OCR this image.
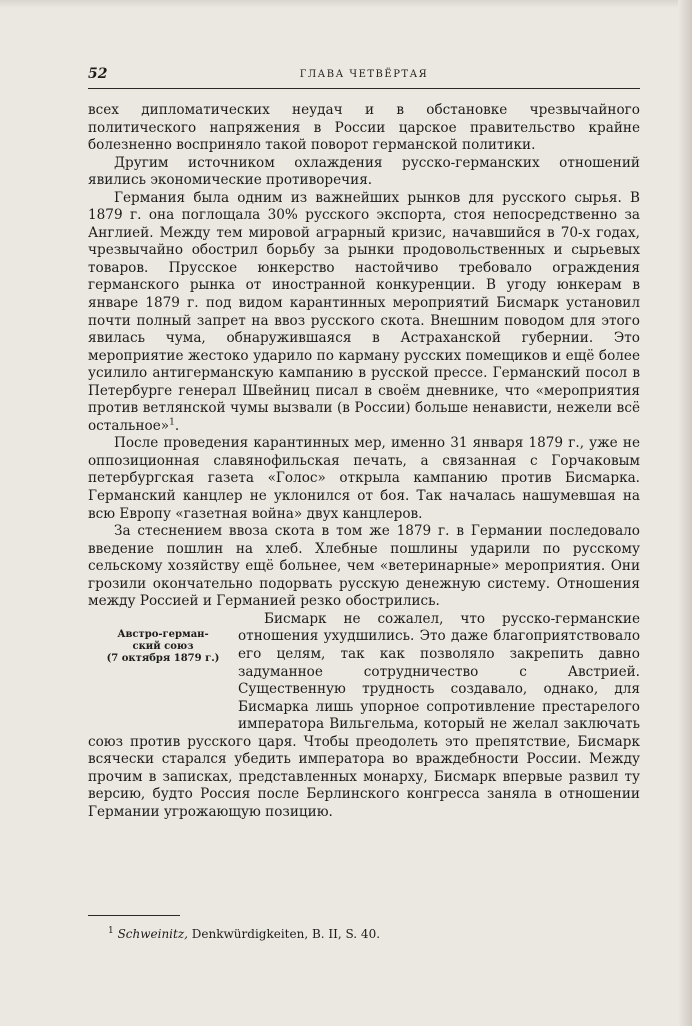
52	ГЛАВА ЧЕТВЁРТАЯ

всех дипломатических неудач и в обстановке чрезвычайного политического напряжения в России царское правительство крайне болезненно восприняло такой поворот германской политики.

Другим источником охлаждения русско-германских отношений явились экономические противоречия.

Германия была одним из важнейших рынков для русского сырья. В 1879 г. она поглощала 30% русского экспорта, стоя непосредственно за Англией. Между тем мировой аграрный кризис, начавшийся в 70-х годах, чрезвычайно обострил борьбу за рынки продовольственных и сырьевых товаров. Прусское юнкерство настойчиво требовало ограждения германского рынка от иностранной конкуренции. В угоду юнкерам в январе 1879 г. под видом карантинных мероприятий Бисмарк установил почти полный запрет на ввоз русского скота. Внешним поводом для этого явилась чума, обнаружившаяся в Астраханской губернии. Это мероприятие жестоко ударило по карману русских помещиков и ещё более усилило антигерманскую кампанию в русской прессе. Германский посол в Петербурге генерал Швейниц писал в своём дневнике, что «мероприятия против ветлянской чумы вызвали (в России) больше ненависти, нежели всё остальное»$^1$.

После проведения карантинных мер, именно 31 января 1879 г., уже не оппозиционная славянофильская печать, а связанная с Горчаковым петербургская газета «Голос» открыла кампанию против Бисмарка. Германский канцлер не уклонился от боя. Так началась нашумевшая на всю Европу «газетная война» двух канцлеров.

За стеснением ввоза скота в том же 1879 г. в Германии последовало введение пошлин на хлеб. Хлебные пошлины ударили по русскому сельскому хозяйству ещё больнее, чем «ветеринарные» мероприятия. Они грозили окончательно подорвать русскую денежную систему. Отношения между Россией и Германией резко обострились.

Австро-герман-
ский союз
(7 октября 1879 г.)

Бисмарк не сожалел, что русско-германские отношения ухудшились. Это даже благоприятствовало его целям, так как позволяло закрепить давно задуманное сотрудничество с Австрией. Существенную трудность создавало, однако, для Бисмарка лишь упорное сопротивление престарелого императора Вильгельма, который не желал заключать союз против русского царя. Чтобы преодолеть это препятствие, Бисмарк всячески старался убедить императора во враждебности России. Между прочим в записках, представленных монарху, Бисмарк впервые развил ту версию, будто Россия после Берлинского конгресса заняла в отношении Германии угрожающую позицию.

$^1$ Schweinitz, Denkwürdigkeiten, B. II, S. 40.
